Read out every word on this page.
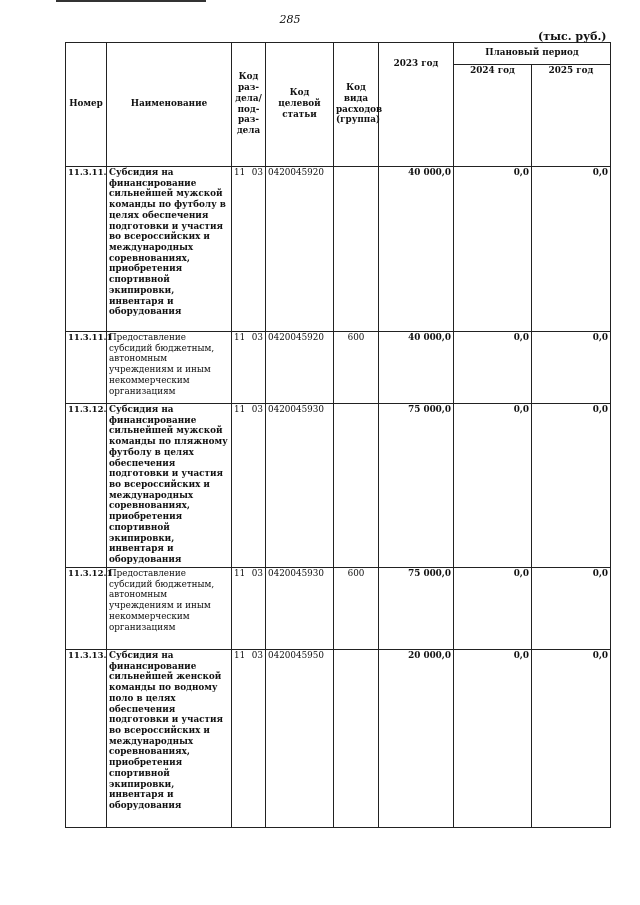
285
(тыс. руб.)
Номер	Наименование	Код раз-дела/ под-раз-дела	Код целевой статьи	Код вида расходов (группа)	2023 год	Плановый период	
						2024 год	2025 год
11.3.11.	Субсидия на финансирование сильнейшей мужской команды по футболу в целях обеспечения подготовки и участия во всероссийских и международных соревнованиях, приобретения спортивной экипировки, инвентаря и оборудования	11 03	0420045920		40 000,0	0,0	0,0
11.3.11.1	Предоставление субсидий бюджетным, автономным учреждениям и иным некоммерческим организациям	11 03	0420045920	600	40 000,0	0,0	0,0
11.3.12.	Субсидия на финансирование сильнейшей мужской команды по пляжному футболу в целях обеспечения подготовки и участия во всероссийских и международных соревнованиях, приобретения спортивной экипировки, инвентаря и оборудования	11 03	0420045930		75 000,0	0,0	0,0
11.3.12.1	Предоставление субсидий бюджетным, автономным учреждениям и иным некоммерческим организациям	11 03	0420045930	600	75 000,0	0,0	0,0
11.3.13.	Субсидия на финансирование сильнейшей женской команды по водному поло в целях обеспечения подготовки и участия во всероссийских и международных соревнованиях, приобретения спортивной экипировки, инвентаря и оборудования	11 03	0420045950		20 000,0	0,0	0,0
